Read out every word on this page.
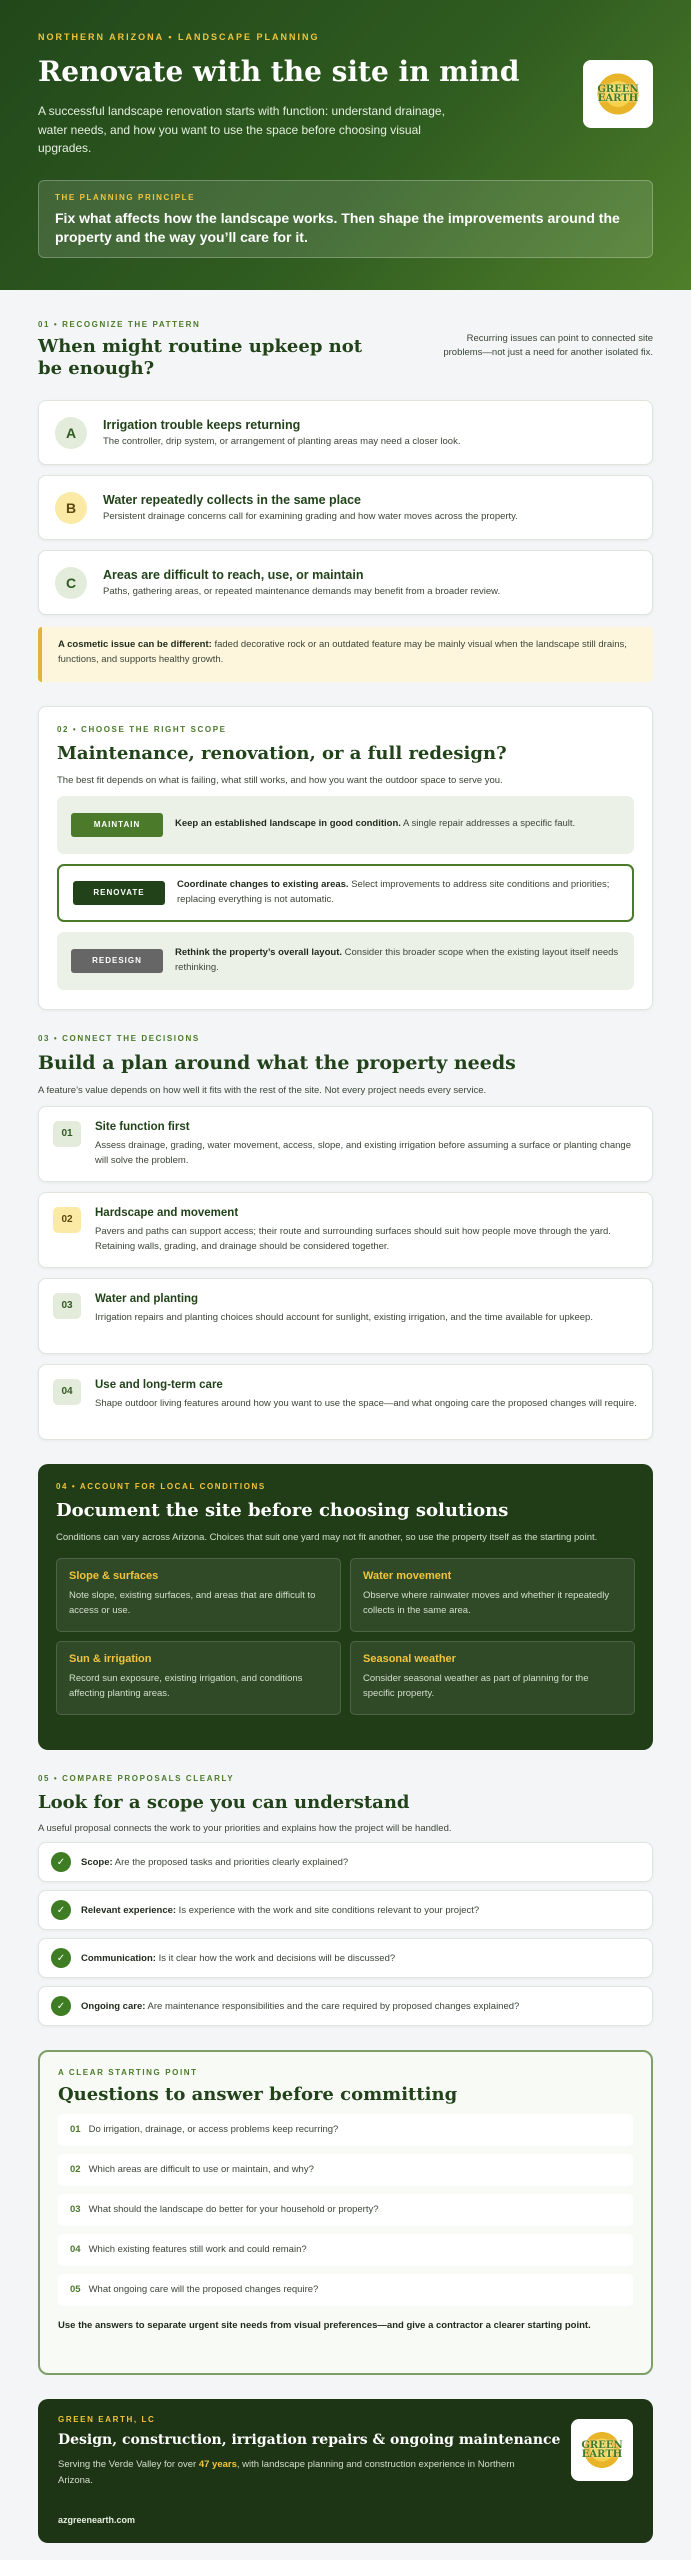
NORTHERN ARIZONA • LANDSCAPE PLANNING
Renovate with the site in mind

A successful landscape renovation starts with function: understand drainage, water needs, and how you want to use the space before choosing visual upgrades.

GREEN EARTH
THE PLANNING PRINCIPLE
Fix what affects how the landscape works. Then shape the improvements around the property and the way you’ll care for it.
01 • RECOGNIZE THE PATTERN
When might routine upkeep not be enough?
Recurring issues can point to connected site problems—not just a need for another isolated fix.
A	Irrigation trouble keeps returning
The controller, drip system, or arrangement of planting areas may need a closer look.
B	Water repeatedly collects in the same place
Persistent drainage concerns call for examining grading and how water moves across the property.
C	Areas are difficult to reach, use, or maintain
Paths, gathering areas, or repeated maintenance demands may benefit from a broader review.
A cosmetic issue can be different: faded decorative rock or an outdated feature may be mainly visual when the landscape still drains, functions, and supports healthy growth.
02 • CHOOSE THE RIGHT SCOPE
Maintenance, renovation, or a full redesign?

The best fit depends on what is failing, what still works, and how you want the outdoor space to serve you.

MAINTAIN	Keep an established landscape in good condition. A single repair addresses a specific fault.
RENOVATE
Coordinate changes to existing areas. Select improvements to address site conditions and priorities; replacing everything is not automatic.
REDESIGN
Rethink the property’s overall layout. Consider this broader scope when the existing layout itself needs rethinking.
03 • CONNECT THE DECISIONS
Build a plan around what the property needs

A feature’s value depends on how well it fits with the rest of the site. Not every project needs every service.

01
Site function first
Assess drainage, grading, water movement, access, slope, and existing irrigation before assuming a surface or planting change will solve the problem.
02
Hardscape and movement
Pavers and paths can support access; their route and surrounding surfaces should suit how people move through the yard. Retaining walls, grading, and drainage should be considered together.
03
Water and planting
Irrigation repairs and planting choices should account for sunlight, existing irrigation, and the time available for upkeep.
04
Use and long-term care
Shape outdoor living features around how you want to use the space—and what ongoing care the proposed changes will require.
04 • ACCOUNT FOR LOCAL CONDITIONS
Document the site before choosing solutions

Conditions can vary across Arizona. Choices that suit one yard may not fit another, so use the property itself as the starting point.

Slope & surfaces
Note slope, existing surfaces, and areas that are difficult to access or use.
Water movement
Observe where rainwater moves and whether it repeatedly collects in the same area.
Sun & irrigation
Record sun exposure, existing irrigation, and conditions affecting planting areas.
Seasonal weather
Consider seasonal weather as part of planning for the specific property.
05 • COMPARE PROPOSALS CLEARLY
Look for a scope you can understand

A useful proposal connects the work to your priorities and explains how the project will be handled.

✓	Scope: Are the proposed tasks and priorities clearly explained?
✓	Relevant experience: Is experience with the work and site conditions relevant to your project?
✓	Communication: Is it clear how the work and decisions will be discussed?
✓	Ongoing care: Are maintenance responsibilities and the care required by proposed changes explained?
A CLEAR STARTING POINT
Questions to answer before committing
01 Do irrigation, drainage, or access problems keep recurring?
02 Which areas are difficult to use or maintain, and why?
03 What should the landscape do better for your household or property?
04 Which existing features still work and could remain?
05 What ongoing care will the proposed changes require?

Use the answers to separate urgent site needs from visual preferences—and give a contractor a clearer starting point.

GREEN EARTH, LC
Design, construction, irrigation repairs & ongoing maintenance

Serving the Verde Valley for over 47 years, with landscape planning and construction experience in Northern Arizona.

azgreenearth.com
GREEN EARTH
